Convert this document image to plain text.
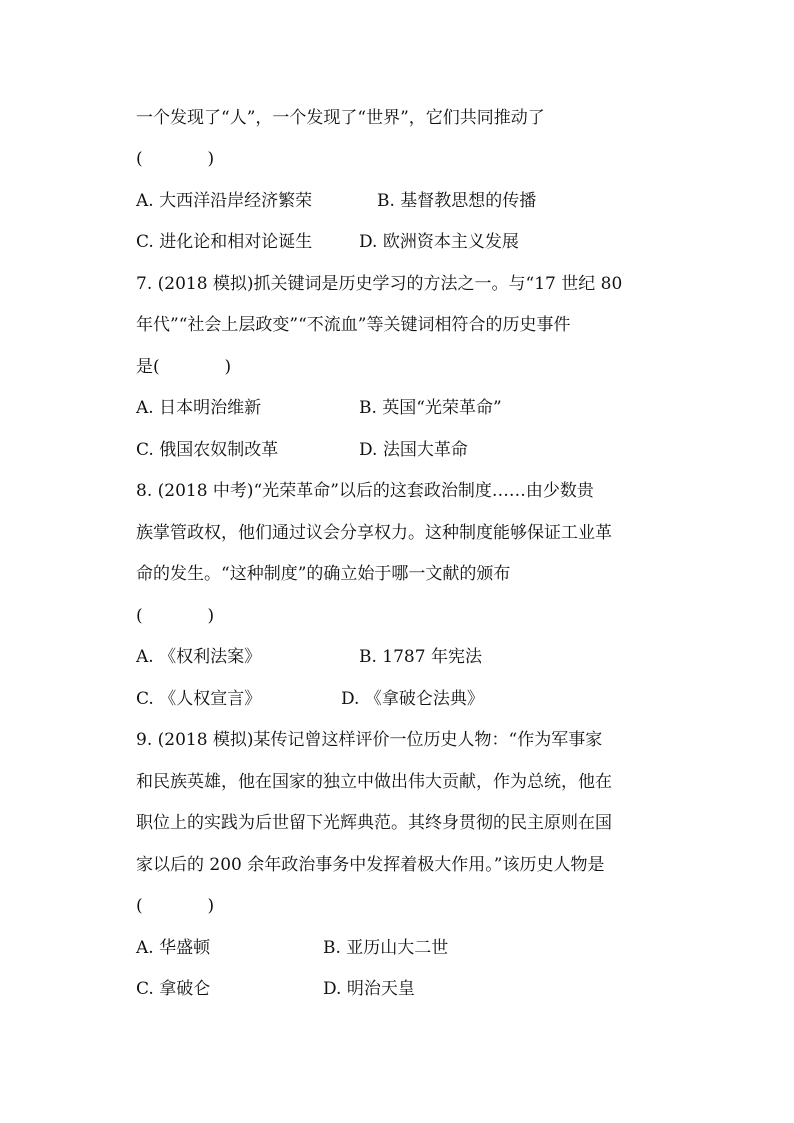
一个发现了“人”，一个发现了“世界”，它们共同推动了
(            )
A. 大西洋沿岸经济繁荣	B. 基督教思想的传播
C. 进化论和相对论诞生	D. 欧洲资本主义发展
7. (2018 模拟)抓关键词是历史学习的方法之一。与“17 世纪 80
年代”“社会上层政变”“不流血”等关键词相符合的历史事件
是(            )
A. 日本明治维新	B. 英国“光荣革命”
C. 俄国农奴制改革	D. 法国大革命
8. (2018 中考)“光荣革命”以后的这套政治制度……由少数贵
族掌管政权，他们通过议会分享权力。这种制度能够保证工业革
命的发生。“这种制度”的确立始于哪一文献的颁布
(            )
A. 《权利法案》	B. 1787 年宪法
C. 《人权宣言》	D. 《拿破仑法典》
9. (2018 模拟)某传记曾这样评价一位历史人物：“作为军事家
和民族英雄，他在国家的独立中做出伟大贡献，作为总统，他在
职位上的实践为后世留下光辉典范。其终身贯彻的民主原则在国
家以后的 200 余年政治事务中发挥着极大作用。”该历史人物是
(            )
A. 华盛顿	B. 亚历山大二世
C. 拿破仑	D. 明治天皇
